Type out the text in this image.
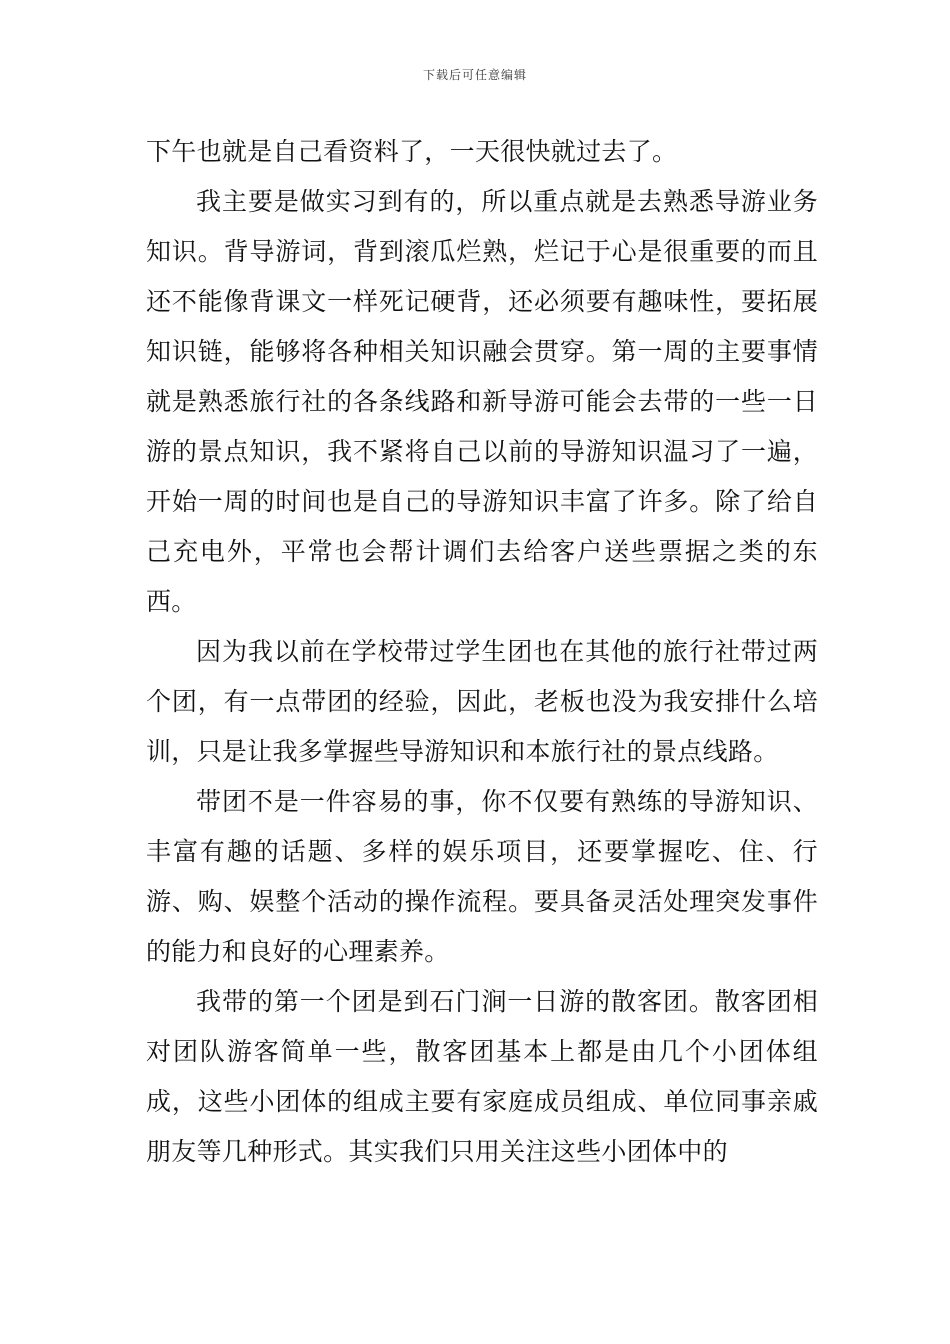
下载后可任意编辑

下午也就是自己看资料了，一天很快就过去了。

我主要是做实习到有的，所以重点就是去熟悉导游业务知识。背导游词，背到滚瓜烂熟，烂记于心是很重要的而且还不能像背课文一样死记硬背，还必须要有趣味性，要拓展知识链，能够将各种相关知识融会贯穿。第一周的主要事情就是熟悉旅行社的各条线路和新导游可能会去带的一些一日游的景点知识，我不紧将自己以前的导游知识温习了一遍，开始一周的时间也是自己的导游知识丰富了许多。除了给自己充电外，平常也会帮计调们去给客户送些票据之类的东西。

因为我以前在学校带过学生团也在其他的旅行社带过两个团，有一点带团的经验，因此，老板也没为我安排什么培训，只是让我多掌握些导游知识和本旅行社的景点线路。

带团不是一件容易的事，你不仅要有熟练的导游知识、丰富有趣的话题、多样的娱乐项目，还要掌握吃、住、行游、购、娱整个活动的操作流程。要具备灵活处理突发事件的能力和良好的心理素养。

我带的第一个团是到石门涧一日游的散客团。散客团相对团队游客简单一些，散客团基本上都是由几个小团体组成，这些小团体的组成主要有家庭成员组成、单位同事亲戚朋友等几种形式。其实我们只用关注这些小团体中的
